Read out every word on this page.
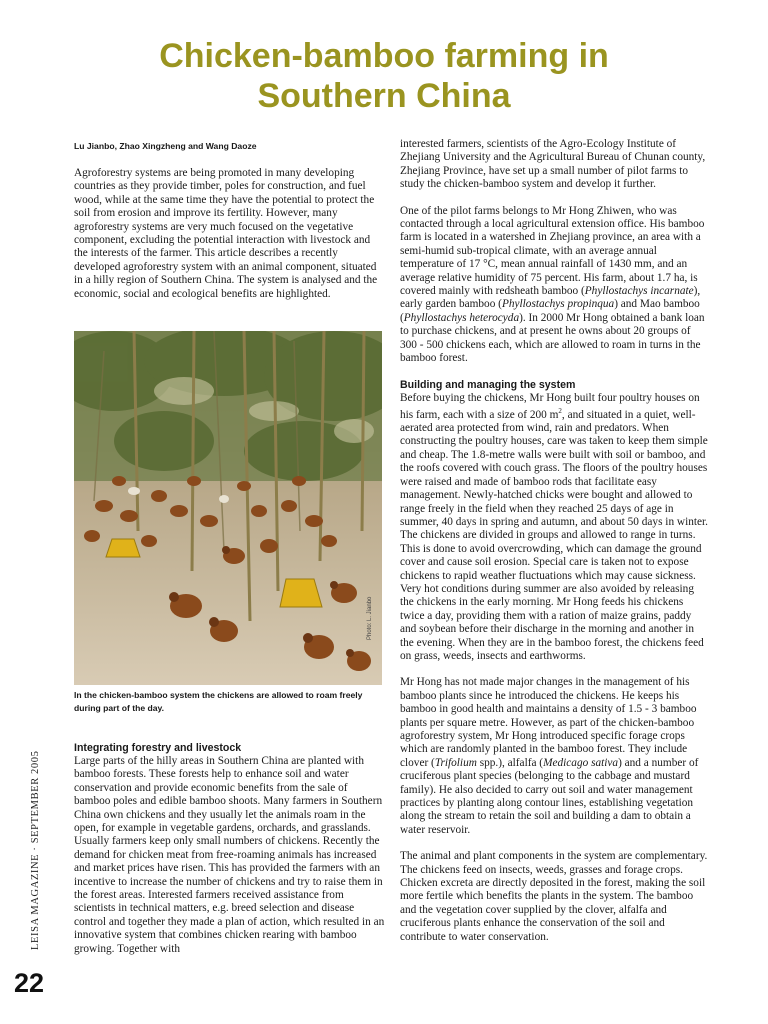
Chicken-bamboo farming in
Southern China
Lu Jianbo, Zhao Xingzheng and Wang Daoze

Agroforestry systems are being promoted in many developing countries as they provide timber, poles for construction, and fuel wood, while at the same time they have the potential to protect the soil from erosion and improve its fertility. However, many agroforestry systems are very much focused on the vegetative component, excluding the potential interaction with livestock and the interests of the farmer. This article describes a recently developed agroforestry system with an animal component, situated in a hilly region of Southern China. The system is analysed and the economic, social and ecological benefits are highlighted.

Photo: L. Jianbo
In the chicken-bamboo system the chickens are allowed to roam freely during part of the day.
Integrating forestry and livestock

Large parts of the hilly areas in Southern China are planted with bamboo forests. These forests help to enhance soil and water conservation and provide economic benefits from the sale of bamboo poles and edible bamboo shoots. Many farmers in Southern China own chickens and they usually let the animals roam in the open, for example in vegetable gardens, orchards, and grasslands. Usually farmers keep only small numbers of chickens. Recently the demand for chicken meat from free-roaming animals has increased and market prices have risen. This has provided the farmers with an incentive to increase the number of chickens and try to raise them in the forest areas. Interested farmers received assistance from scientists in technical matters, e.g. breed selection and disease control and together they made a plan of action, which resulted in an innovative system that combines chicken rearing with bamboo growing. Together with

interested farmers, scientists of the Agro-Ecology Institute of Zhejiang University and the Agricultural Bureau of Chunan county, Zhejiang Province, have set up a small number of pilot farms to study the chicken-bamboo system and develop it further.

One of the pilot farms belongs to Mr Hong Zhiwen, who was contacted through a local agricultural extension office. His bamboo farm is located in a watershed in Zhejiang province, an area with a semi-humid sub-tropical climate, with an average annual temperature of 17 °C, mean annual rainfall of 1430 mm, and an average relative humidity of 75 percent. His farm, about 1.7 ha, is covered mainly with redsheath bamboo (Phyllostachys incarnate), early garden bamboo (Phyllostachys propinqua) and Mao bamboo (Phyllostachys heterocyda). In 2000 Mr Hong obtained a bank loan to purchase chickens, and at present he owns about 20 groups of 300 - 500 chickens each, which are allowed to roam in turns in the bamboo forest.

Building and managing the system

Before buying the chickens, Mr Hong built four poultry houses on his farm, each with a size of 200 $m^2$, and situated in a quiet, well-aerated area protected from wind, rain and predators. When constructing the poultry houses, care was taken to keep them simple and cheap. The 1.8-metre walls were built with soil or bamboo, and the roofs covered with couch grass. The floors of the poultry houses were raised and made of bamboo rods that facilitate easy management. Newly-hatched chicks were bought and allowed to range freely in the field when they reached 25 days of age in summer, 40 days in spring and autumn, and about 50 days in winter. The chickens are divided in groups and allowed to range in turns. This is done to avoid overcrowding, which can damage the ground cover and cause soil erosion. Special care is taken not to expose chickens to rapid weather fluctuations which may cause sickness. Very hot conditions during summer are also avoided by releasing the chickens in the early morning. Mr Hong feeds his chickens twice a day, providing them with a ration of maize grains, paddy and soybean before their discharge in the morning and another in the evening. When they are in the bamboo forest, the chickens feed on grass, weeds, insects and earthworms.

Mr Hong has not made major changes in the management of his bamboo plants since he introduced the chickens. He keeps his bamboo in good health and maintains a density of 1.5 - 3 bamboo plants per square metre. However, as part of the chicken-bamboo agroforestry system, Mr Hong introduced specific forage crops which are randomly planted in the bamboo forest. They include clover (Trifolium spp.), alfalfa (Medicago sativa) and a number of cruciferous plant species (belonging to the cabbage and mustard family). He also decided to carry out soil and water management practices by planting along contour lines, establishing vegetation along the stream to retain the soil and building a dam to obtain a water reservoir.

The animal and plant components in the system are complementary. The chickens feed on insects, weeds, grasses and forage crops. Chicken excreta are directly deposited in the forest, making the soil more fertile which benefits the plants in the system. The bamboo and the vegetation cover supplied by the clover, alfalfa and cruciferous plants enhance the conservation of the soil and contribute to water conservation.

LEISA MAGAZINE · SEPTEMBER 2005
22
